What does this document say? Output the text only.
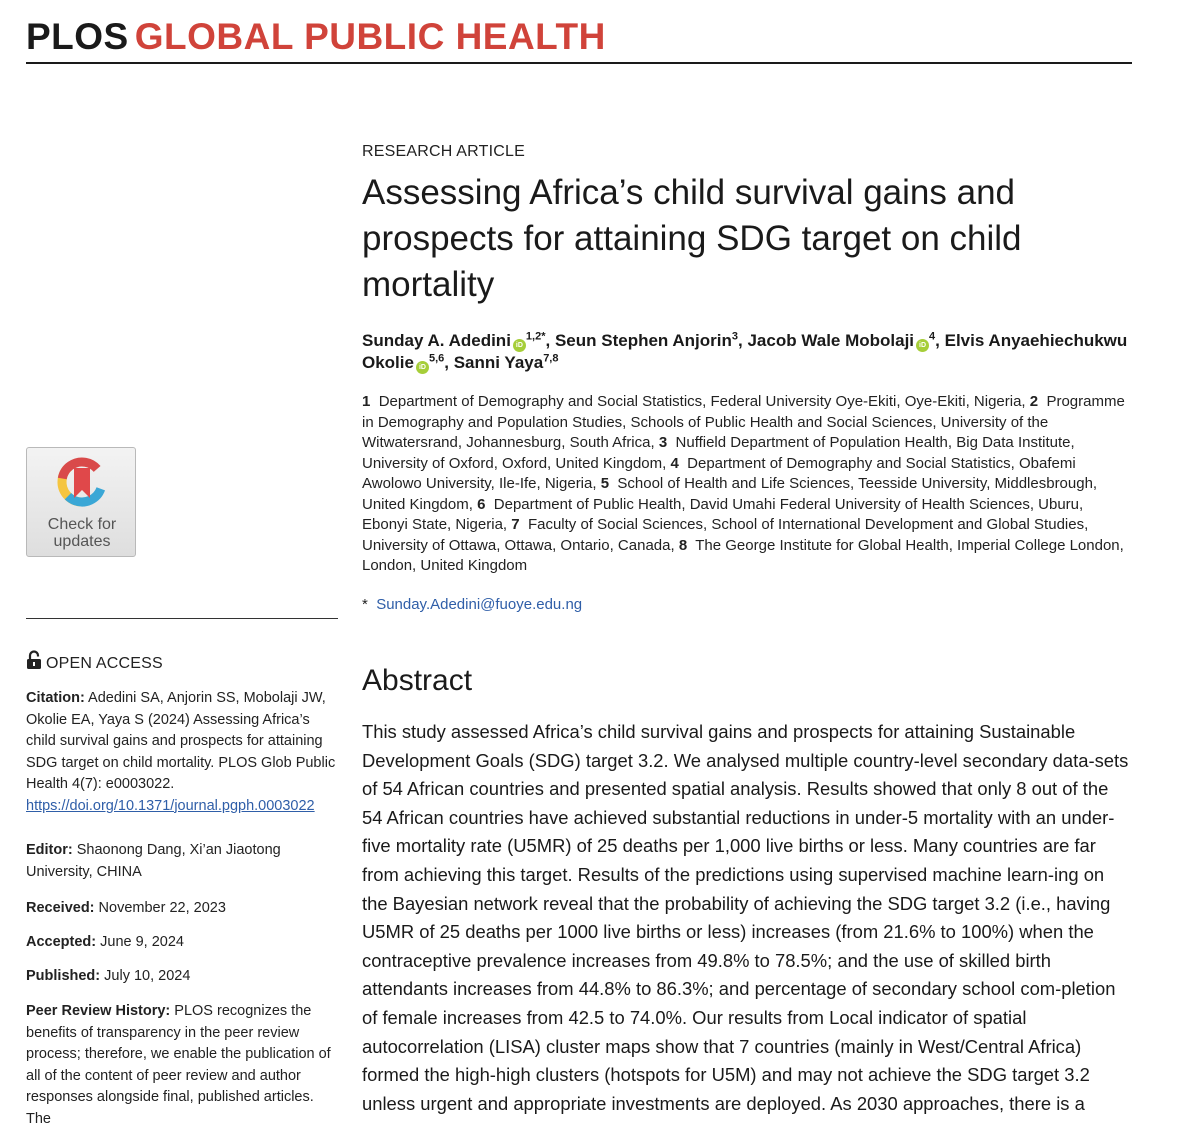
PLOS GLOBAL PUBLIC HEALTH
RESEARCH ARTICLE
Assessing Africa’s child survival gains and prospects for attaining SDG target on child mortality
Sunday A. Adedini $iD^{1,2*}$, Seun Stephen Anjorin$^3$, Jacob Wale Mobolaji $iD^4$, Elvis Anyaehiechukwu Okolie iD$^{5,6}$, Sanni Yaya$^{7,8}$
1 Department of Demography and Social Statistics, Federal University Oye-Ekiti, Oye-Ekiti, Nigeria, 2 Programme in Demography and Population Studies, Schools of Public Health and Social Sciences, University of the Witwatersrand, Johannesburg, South Africa, 3 Nuffield Department of Population Health, Big Data Institute, University of Oxford, Oxford, United Kingdom, 4 Department of Demography and Social Statistics, Obafemi Awolowo University, Ile-Ife, Nigeria, 5 School of Health and Life Sciences, Teesside University, Middlesbrough, United Kingdom, 6 Department of Public Health, David Umahi Federal University of Health Sciences, Uburu, Ebonyi State, Nigeria, 7 Faculty of Social Sciences, School of International Development and Global Studies, University of Ottawa, Ottawa, Ontario, Canada, 8 The George Institute for Global Health, Imperial College London, London, United Kingdom
* Sunday.Adedini@fuoye.edu.ng
Abstract

This study assessed Africa’s child survival gains and prospects for attaining Sustainable Development Goals (SDG) target 3.2. We analysed multiple country-level secondary data-sets of 54 African countries and presented spatial analysis. Results showed that only 8 out of the 54 African countries have achieved substantial reductions in under-5 mortality with an under-five mortality rate (U5MR) of 25 deaths per 1,000 live births or less. Many countries are far from achieving this target. Results of the predictions using supervised machine learn-ing on the Bayesian network reveal that the probability of achieving the SDG target 3.2 (i.e., having U5MR of 25 deaths per 1000 live births or less) increases (from 21.6% to 100%) when the contraceptive prevalence increases from 49.8% to 78.5%; and the use of skilled birth attendants increases from 44.8% to 86.3%; and percentage of secondary school com-pletion of female increases from 42.5 to 74.0%. Our results from Local indicator of spatial autocorrelation (LISA) cluster maps show that 7 countries (mainly in West/Central Africa) formed the high-high clusters (hotspots for U5M) and may not achieve the SDG target 3.2 unless urgent and appropriate investments are deployed. As 2030 approaches, there is a

Check for
updates
OPEN ACCESS
Citation: Adedini SA, Anjorin SS, Mobolaji JW, Okolie EA, Yaya S (2024) Assessing Africa’s child survival gains and prospects for attaining SDG target on child mortality. PLOS Glob Public Health 4(7): e0003022. https://doi.org/10.1371/journal.pgph.0003022
Editor: Shaonong Dang, Xi’an Jiaotong University, CHINA
Received: November 22, 2023
Accepted: June 9, 2024
Published: July 10, 2024
Peer Review History: PLOS recognizes the benefits of transparency in the peer review process; therefore, we enable the publication of all of the content of peer review and author responses alongside final, published articles. The
